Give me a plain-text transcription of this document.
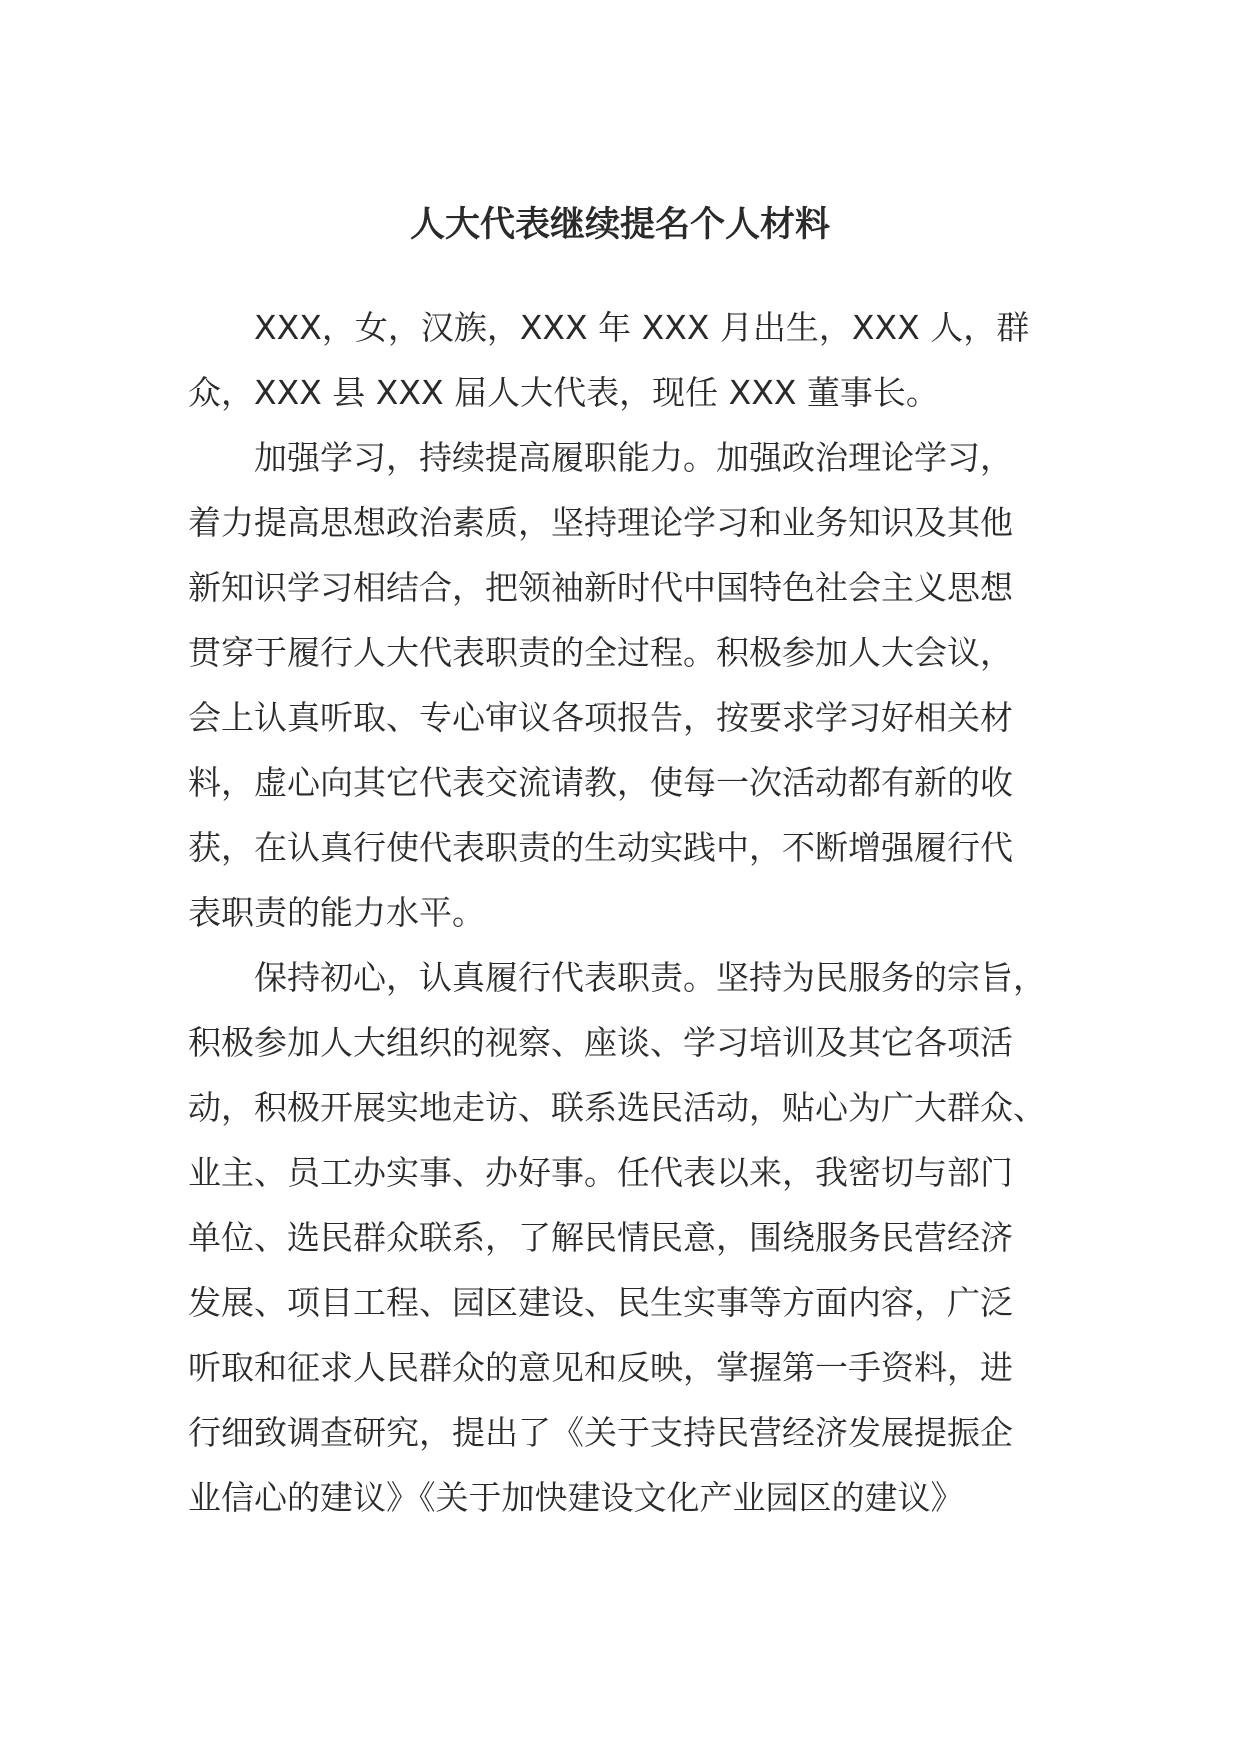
人大代表继续提名个人材料

XXX，女，汉族，XXX 年 XXX 月出生，XXX 人，群
众，XXX 县 XXX 届人大代表，现任 XXX 董事长。

加强学习，持续提高履职能力。加强政治理论学习，
着力提高思想政治素质，坚持理论学习和业务知识及其他
新知识学习相结合，把领袖新时代中国特色社会主义思想
贯穿于履行人大代表职责的全过程。积极参加人大会议，
会上认真听取、专心审议各项报告，按要求学习好相关材
料，虚心向其它代表交流请教，使每一次活动都有新的收
获，在认真行使代表职责的生动实践中，不断增强履行代
表职责的能力水平。

保持初心，认真履行代表职责。坚持为民服务的宗旨，
积极参加人大组织的视察、座谈、学习培训及其它各项活
动，积极开展实地走访、联系选民活动，贴心为广大群众、
业主、员工办实事、办好事。任代表以来，我密切与部门
单位、选民群众联系，了解民情民意，围绕服务民营经济
发展、项目工程、园区建设、民生实事等方面内容，广泛
听取和征求人民群众的意见和反映，掌握第一手资料，进
行细致调查研究，提出了《关于支持民营经济发展提振企
业信心的建议》《关于加快建设文化产业园区的建议》
